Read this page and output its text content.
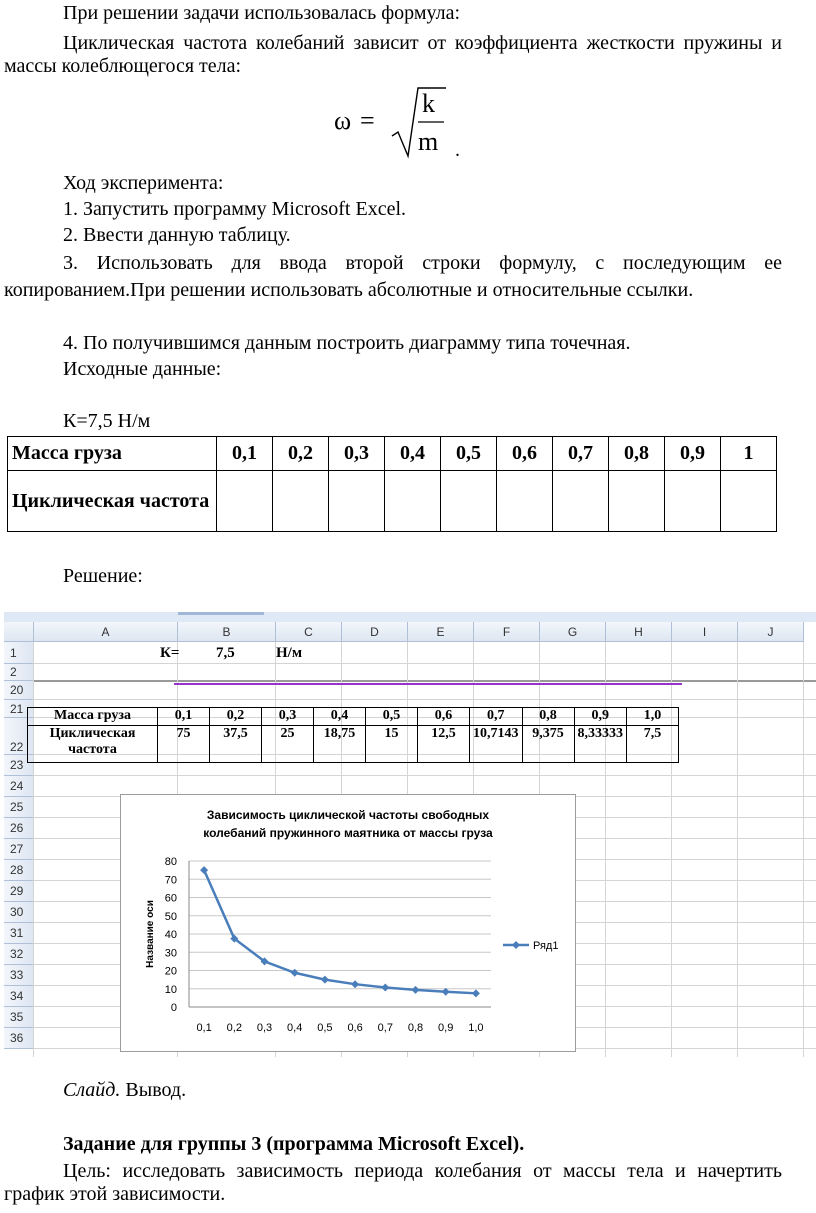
При решении задачи использовалась формула:

Циклическая частота колебаний зависит от коэффициента жесткости пружины и массы колеблющегося тела:

ω =
k
m .

Ход эксперимента:

1. Запустить программу Microsoft Excel.

2. Ввести данную таблицу.

3. Использовать для ввода второй строки формулу, с последующим ее копированием.При решении использовать абсолютные и относительные ссылки.

4. По получившимся данным построить диаграмму типа точечная.

Исходные данные:

К=7,5 Н/м

Масса груза	0,1	0,2	0,3	0,4	0,5	0,6	0,7	0,8	0,9	1
Циклическая частота										

Решение:

A	B	C	D	E	F	G	H	I	J
1
2
20
21
22
23
24
25
26
27
28
29
30
31
32
33
34
35
36
К= 7,5	Н/м
Масса груза	0,1	0,2	0,3	0,4	0,5	0,6	0,7	0,8	0,9	1,0
Циклическая частота	75	37,5	25	18,75	15	12,5	10,7143	9,375	8,33333	7,5
Зависимость циклической частоты свободных
колебаний пружинного маятника от массы груза
0
10
20
30
40
50
60
70
80
0,1 0,2 0,3 0,4 0,5 0,6 0,7 0,8 0,9 1,0
Название оси	Ряд1

Слайд. Вывод.

Задание для группы 3 (программа Microsoft Excel).

Цель: исследовать зависимость периода колебания от массы тела и начертить график этой зависимости.
